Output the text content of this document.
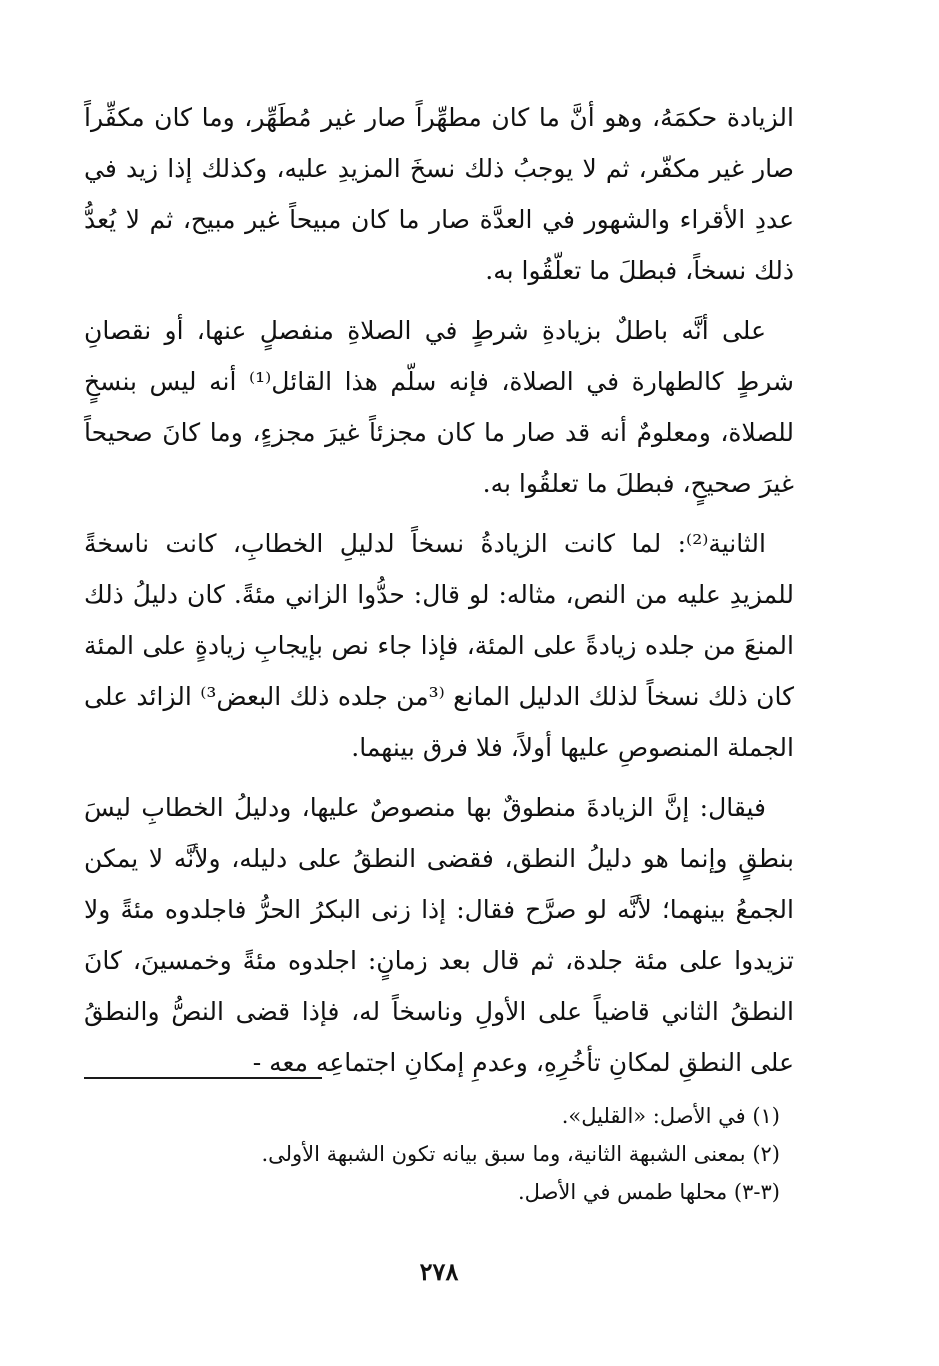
الزيادة حكمَهُ، وهو أنَّ ما كان مطهِّراً صار غير مُطَهِّر، وما كان مكفِّراً صار غير مكفّر، ثم لا يوجبُ ذلك نسخَ المزيدِ عليه، وكذلك إذا زيد في عددِ الأقراء والشهور في العدَّة صار ما كان مبيحاً غير مبيح، ثم لا يُعدُّ ذلك نسخاً، فبطلَ ما تعلّقُوا به.

على أنَّه باطلٌ بزيادةِ شرطٍ في الصلاةِ منفصلٍ عنها، أو نقصانِ شرطٍ كالطهارة في الصلاة، فإنه سلّم هذا القائل⁽¹⁾ أنه ليس بنسخٍ للصلاة، ومعلومٌ أنه قد صار ما كان مجزئاً غيرَ مجزءٍ، وما كانَ صحيحاً غيرَ صحيحٍ، فبطلَ ما تعلقُوا به.

الثانية⁽²⁾: لما كانت الزيادةُ نسخاً لدليلِ الخطابِ، كانت ناسخةً للمزيدِ عليه من النص، مثاله: لو قال: حدُّوا الزاني مئةً. كان دليلُ ذلك المنعَ من جلده زيادةً على المئة، فإذا جاء نص بإيجابِ زيادةٍ على المئة كان ذلك نسخاً لذلك الدليل المانع ⁽³من جلده ذلك البعض³⁾ الزائد على الجملة المنصوصِ عليها أولاً، فلا فرق بينهما.

فيقال: إنَّ الزيادةَ منطوقٌ بها منصوصٌ عليها، ودليلُ الخطابِ ليسَ بنطقٍ وإنما هو دليلُ النطق، فقضى النطقُ على دليله، ولأنَّه لا يمكن الجمعُ بينهما؛ لأنَّه لو صرَّح فقال: إذا زنى البكرُ الحرُّ فاجلدوه مئةً ولا تزيدوا على مئة جلدة، ثم قال بعد زمانٍ: اجلدوه مئةً وخمسينَ، كانَ النطقُ الثاني قاضياً على الأولِ وناسخاً له، فإذا قضى النصُّ والنطقُ على النطقِ لمكانِ تأخُرِهِ، وعدمِ إمكانِ اجتماعِه معه -

(١) في الأصل: «القليل».

(٢) بمعنى الشبهة الثانية، وما سبق بيانه تكون الشبهة الأولى.

(٣-٣) محلها طمس في الأصل.

٢٧٨
